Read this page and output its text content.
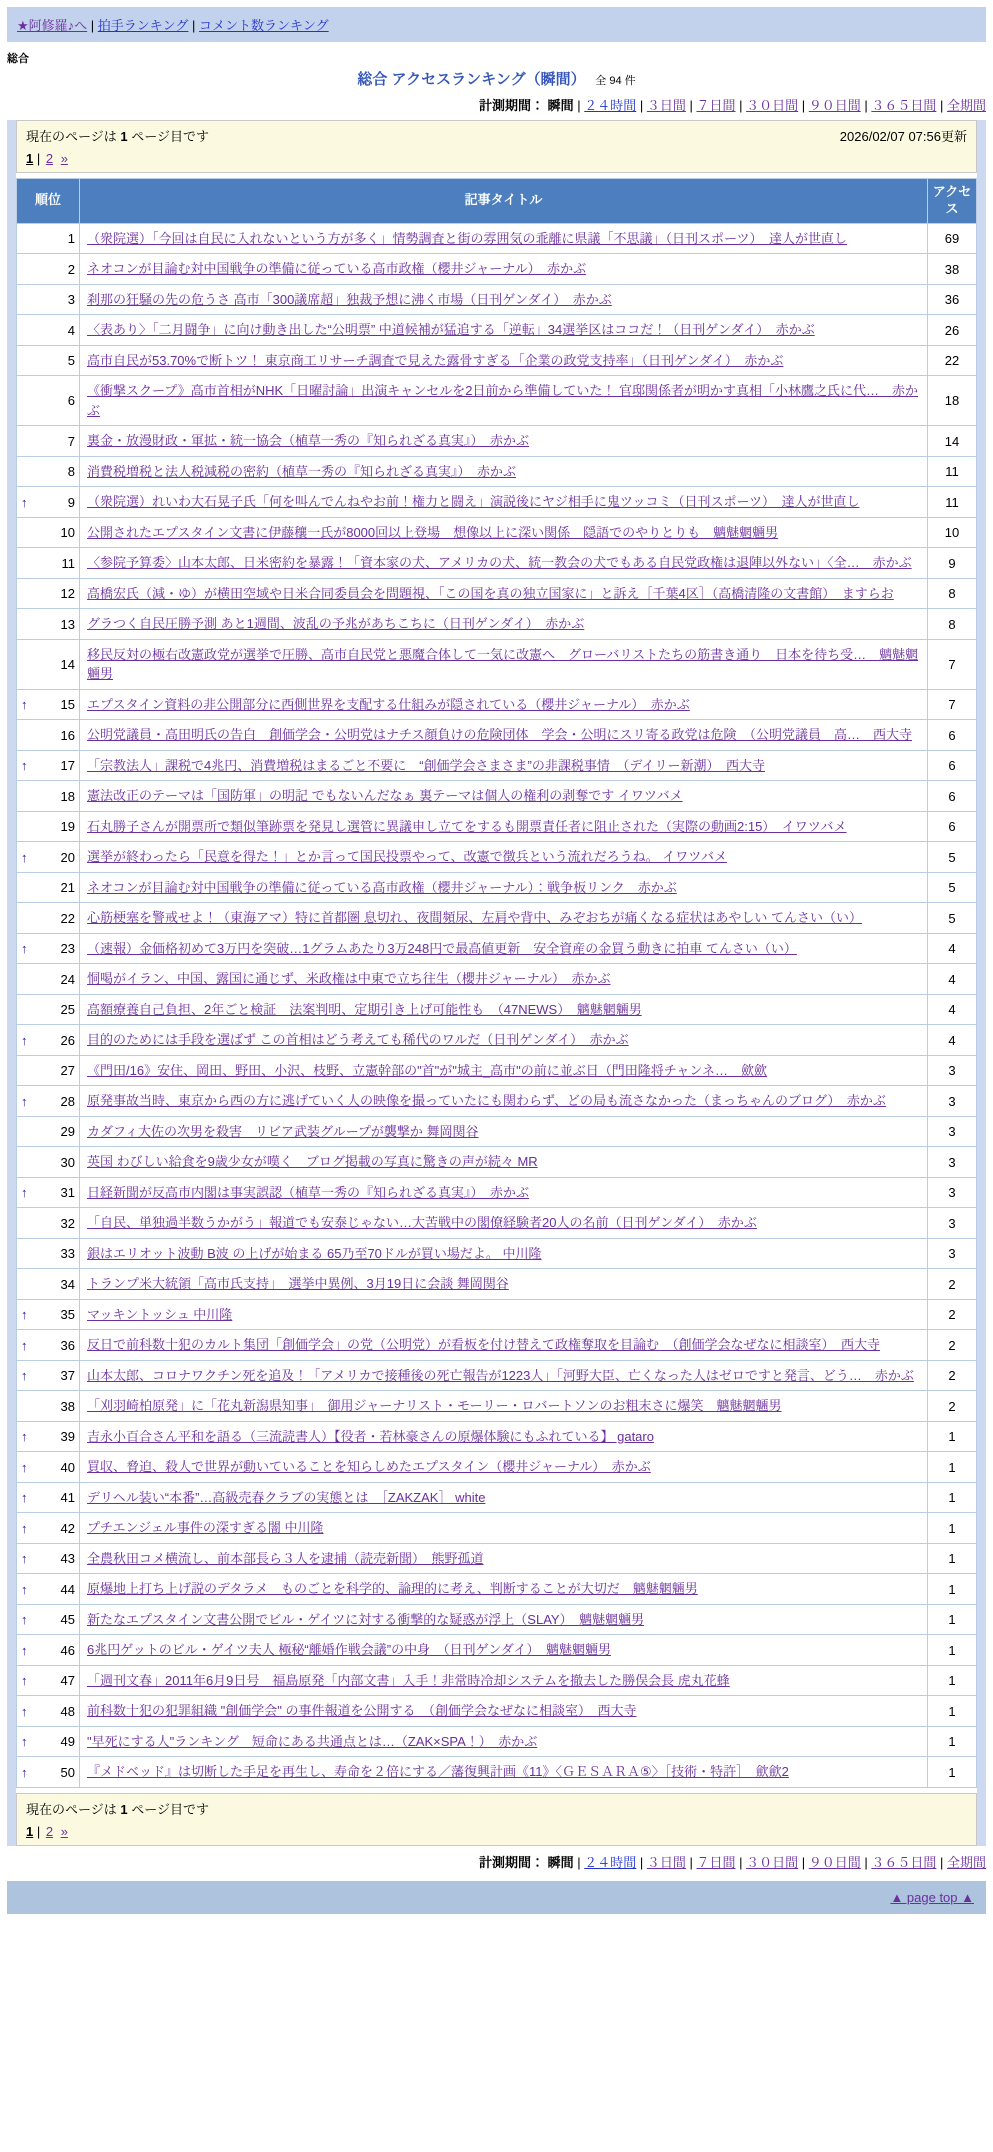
★阿修羅♪へ | 拍手ランキング | コメント数ランキング
総合
総合 アクセスランキング（瞬間） 全 94 件
計測期間： 瞬間 | ２４時間 | ３日間 | ７日間 | ３０日間 | ９０日間 | ３６５日間 | 全期間
現在のページは 1 ページ目です	2026/02/07 07:56更新
1 | 2 »
順位	記事タイトル	アクセス

1	（衆院選）「今回は自民に入れないという方が多く」情勢調査と街の雰囲気の乖離に県議「不思議」（日刊スポーツ）　達人が世直し	69

2	ネオコンが目論む対中国戦争の準備に従っている高市政権（櫻井ジャーナル）　赤かぶ	38

3	刹那の狂騒の先の危うさ 高市「300議席超」独裁予想に沸く市場（日刊ゲンダイ）　赤かぶ	36

4	〈表あり〉「二月闘争」に向け動き出した“公明票” 中道候補が猛追する「逆転」34選挙区はココだ！（日刊ゲンダイ）　赤かぶ	26

5	高市自民が53.70%で断トツ！ 東京商工リサーチ調査で見えた露骨すぎる「企業の政党支持率」（日刊ゲンダイ）　赤かぶ	22

6	《衝撃スクープ》高市首相がNHK「日曜討論」出演キャンセルを2日前から準備していた！ 官邸関係者が明かす真相「小林鷹之氏に代…　赤かぶ	18

7	裏金・放漫財政・軍拡・統一協会（植草一秀の『知られざる真実』）　赤かぶ	14

8	消費税増税と法人税減税の密約（植草一秀の『知られざる真実』）　赤かぶ	11

↑ 9	（衆院選）れいわ大石晃子氏「何を叫んでんねやお前！権力と闘え」演説後にヤジ相手に鬼ツッコミ（日刊スポーツ）　達人が世直し	11

10	公開されたエプスタイン文書に伊藤穰一氏が8000回以上登場　想像以上に深い関係　隠語でのやりとりも　魑魅魍魎男	10

11	〈参院予算委〉山本太郎、日米密約を暴露！「資本家の犬、アメリカの犬、統一教会の犬でもある自民党政権は退陣以外ない」〈全…　赤かぶ	9

12	高橋宏氏（減・ゆ）が横田空域や日米合同委員会を問題視、「この国を真の独立国家に」と訴え［千葉4区］（高橋清隆の文書館）　ますらお	8

13	グラつく自民圧勝予測 あと1週間、波乱の予兆があちこちに（日刊ゲンダイ）　赤かぶ	8

14	移民反対の極右改憲政党が選挙で圧勝、高市自民党と悪魔合体して一気に改憲へ　グローバリストたちの筋書き通り　日本を待ち受…　魑魅魍魎男	7

↑ 15	エプスタイン資料の非公開部分に西側世界を支配する仕組みが隠されている（櫻井ジャーナル）　赤かぶ	7

16	公明党議員・高田明氏の告白　創価学会・公明党はナチス顔負けの危険団体　学会・公明にスリ寄る政党は危険　（公明党議員　高…　西大寺	6

↑ 17	「宗教法人」課税で4兆円、消費増税はまるごと不要に　“創価学会さまさま”の非課税事情　（デイリー新潮）　西大寺	6

18	憲法改正のテーマは「国防軍」の明記 でもないんだなぁ 裏テーマは個人の権利の剥奪です イワツバメ	6

19	石丸勝子さんが開票所で類似筆跡票を発見し選管に異議申し立てをするも開票責任者に阻止された（実際の動画2:15）　イワツバメ	6

↑ 20	選挙が終わったら「民意を得た！」とか言って国民投票やって、改憲で徴兵という流れだろうね。 イワツバメ	5

21	ネオコンが目論む対中国戦争の準備に従っている高市政権（櫻井ジャーナル）：戦争板リンク　赤かぶ	5

22	心筋梗塞を警戒せよ！（東海アマ）特に首都圏 息切れ、夜間頻尿、左肩や背中、みぞおちが痛くなる症状はあやしい てんさい（い）	5

↑ 23	（速報）金価格初めて3万円を突破…1グラムあたり3万248円で最高値更新　安全資産の金買う動きに拍車 てんさい（い）	4

24	恫喝がイラン、中国、露国に通じず、米政権は中東で立ち往生（櫻井ジャーナル）　赤かぶ	4

25	高額療養自己負担、2年ごと検証　法案判明、定期引き上げ可能性も　（47NEWS）　魑魅魍魎男	4

↑ 26	目的のためには手段を選ばず この首相はどう考えても稀代のワルだ（日刊ゲンダイ）　赤かぶ	4

27	《門田/16》安住、岡田、野田、小沢、枝野、立憲幹部の"首"が"城主_高市"の前に並ぶ日（門田隆将チャンネ…　歛歛	3

↑ 28	原発事故当時、東京から西の方に逃げていく人の映像を撮っていたにも関わらず、どの局も流さなかった（まっちゃんのブログ）　赤かぶ	3

29	カダフィ大佐の次男を殺害　リビア武装グループが襲撃か 舞岡関谷	3

30	英国 わびしい給食を9歳少女が嘆く　ブログ掲載の写真に驚きの声が続々 MR	3

↑ 31	日経新聞が反高市内閣は事実誤認（植草一秀の『知られざる真実』）　赤かぶ	3

32	「自民、単独過半数うかがう」報道でも安泰じゃない…大苦戦中の閣僚経験者20人の名前（日刊ゲンダイ）　赤かぶ	3

33	銀はエリオット波動 B波 の上げが始まる 65乃至70ドルが買い場だよ。 中川隆	3

34	トランプ米大統領「高市氏支持」　選挙中異例、3月19日に会談 舞岡関谷	2

↑ 35	マッキントッシュ 中川隆	2

↑ 36	反日で前科数十犯のカルト集団「創価学会」の党（公明党）が看板を付け替えて政権奪取を目論む　（創価学会なぜなに相談室）　西大寺	2

↑ 37	山本太郎、コロナワクチン死を追及！「アメリカで接種後の死亡報告が1223人」「河野大臣、亡くなった人はゼロですと発言、どう…　赤かぶ	2

38	「刈羽崎柏原発」に「花丸新潟県知事」　御用ジャーナリスト・モーリー・ロバートソンのお粗末さに爆笑　魑魅魍魎男	2

↑ 39	吉永小百合さん平和を語る（三流読書人）【役者・若林豪さんの原爆体験にもふれている】 gataro	1

↑ 40	買収、脅迫、殺人で世界が動いていることを知らしめたエプスタイン（櫻井ジャーナル）　赤かぶ	1

↑ 41	デリヘル装い“本番”…高級売春クラブの実態とは　［ZAKZAK］ white	1

↑ 42	プチエンジェル事件の深すぎる闇 中川隆	1

↑ 43	全農秋田コメ横流し、前本部長ら３人を逮捕（読売新聞）　熊野孤道	1

↑ 44	原爆地上打ち上げ説のデタラメ　ものごとを科学的、論理的に考え、判断することが大切だ　魑魅魍魎男	1

↑ 45	新たなエプスタイン文書公開でビル・ゲイツに対する衝撃的な疑惑が浮上（SLAY）　魑魅魍魎男	1

↑ 46	6兆円ゲットのビル・ゲイツ夫人 極秘“離婚作戦会議”の中身　（日刊ゲンダイ）　魑魅魍魎男	1

↑ 47	「週刊文春」2011年6月9日号　福島原発「内部文書」入手！非常時冷却システムを撤去した勝俣会長 虎丸花蜂	1

↑ 48	前科数十犯の犯罪組織 "創価学会" の事件報道を公開する　（創価学会なぜなに相談室）　西大寺	1

↑ 49	"早死にする人"ランキング　短命にある共通点とは…（ZAK×SPA！）　赤かぶ	1

↑ 50	『メドベッド』は切断した手足を再生し、寿命を２倍にする／藩復興計画《11》〈ＧＥＳＡＲＡ⑤〉［技術・特許］　歛歛2	1
現在のページは 1 ページ目です
1 | 2 »
計測期間： 瞬間 | ２４時間 | ３日間 | ７日間 | ３０日間 | ９０日間 | ３６５日間 | 全期間
▲ page top ▲
